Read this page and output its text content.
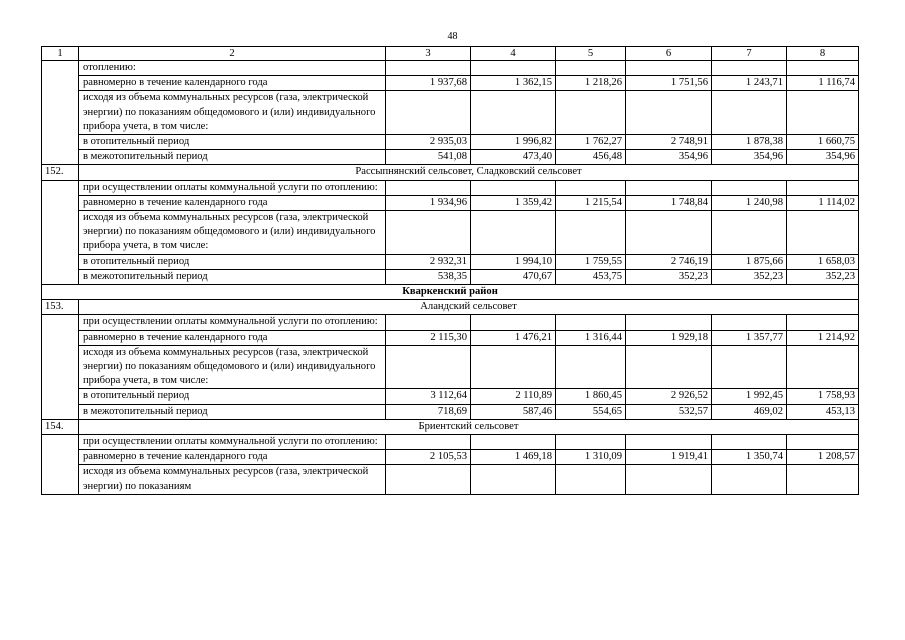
48
1	2	3	4	5	6	7	8
	отоплению:						
	равномерно в течение календарного года	1 937,68	1 362,15	1 218,26	1 751,56	1 243,71	1 116,74
	исходя из объема коммунальных ресурсов (газа, электрической энергии) по показаниям общедомового и (или) индивидуального прибора учета, в том числе:						
	в отопительный период	2 935,03	1 996,82	1 762,27	2 748,91	1 878,38	1 660,75
	в межотопительный период	541,08	473,40	456,48	354,96	354,96	354,96
152.	Рассыпнянский сельсовет, Сладковский сельсовет						
	при осуществлении оплаты коммунальной услуги по отоплению:						
	равномерно в течение календарного года	1 934,96	1 359,42	1 215,54	1 748,84	1 240,98	1 114,02
	исходя из объема коммунальных ресурсов (газа, электрической энергии) по показаниям общедомового и (или) индивидуального прибора учета, в том числе:						
	в отопительный период	2 932,31	1 994,10	1 759,55	2 746,19	1 875,66	1 658,03
	в межотопительный период	538,35	470,67	453,75	352,23	352,23	352,23
Кваркенский район							
153.	Аландский сельсовет						
	при осуществлении оплаты коммунальной услуги по отоплению:						
	равномерно в течение календарного года	2 115,30	1 476,21	1 316,44	1 929,18	1 357,77	1 214,92
	исходя из объема коммунальных ресурсов (газа, электрической энергии) по показаниям общедомового и (или) индивидуального прибора учета, в том числе:						
	в отопительный период	3 112,64	2 110,89	1 860,45	2 926,52	1 992,45	1 758,93
	в межотопительный период	718,69	587,46	554,65	532,57	469,02	453,13
154.	Бриентский сельсовет						
	при осуществлении оплаты коммунальной услуги по отоплению:						
	равномерно в течение календарного года	2 105,53	1 469,18	1 310,09	1 919,41	1 350,74	1 208,57
	исходя из объема коммунальных ресурсов (газа, электрической энергии) по показаниям						
